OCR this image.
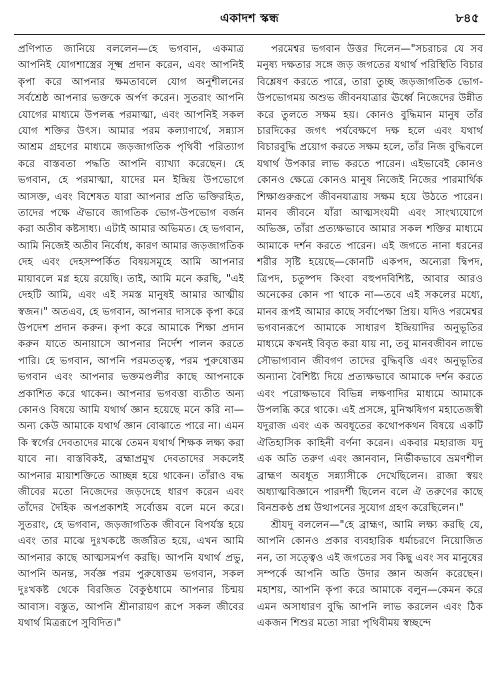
একাদশ স্কন্ধ	৮৪৫

প্রণিপাত জানিয়ে বললেন—হে ভগবান, একমাত্র আপনিই যোগশাস্ত্রের সূক্ষ্ম প্রদান করেন, এবং আপনিই কৃপা করে আপনার ক্ষমতাবলে যোগ অনুশীলনের সর্বশ্রেষ্ঠ আপনার ভক্তকে অর্পণ করেন। সুতরাং আপনি যোগের মাধ্যমে উপলব্ধ পরমাত্মা, এবং আপনিই সকল যোগ শক্তির উৎস। আমার পরম কল্যাণার্থে, সন্ন্যাস আশ্রম গ্রহণের মাধ্যমে জড়জাগতিক পৃথিবী পরিত্যাগ করে বাস্তবতা পদ্ধতি আপনি ব্যাখ্যা করেছেন। হে ভগবান, হে পরমাত্মা, যাদের মন ইন্দ্রিয় উপভোগে আসক্ত, এবং বিশেষত যারা আপনার প্রতি ভক্তিরহিত, তাদের পক্ষে ঐভাবে জাগতিক ভোগ-উপভোগ বর্জন করা অতীব কষ্টসাধ্য। এটাই আমার অভিমত। হে ভগবান, আমি নিজেই অতীব নির্বোধ, কারণ আমার জড়জাগতিক দেহ এবং দেহসম্পর্কিত বিষয়সমূহে আমি আপনার মায়াবলে মগ্ন হয়ে রয়েছি। তাই, আমি মনে করছি, "এই দেহটি আমি, এবং এই সমস্ত মানুষই আমার আত্মীয় স্বজন।" অতএব, হে ভগবান, আপনার দাসকে কৃপা করে উপদেশ প্রদান করুন। কৃপা করে আমাকে শিক্ষা প্রদান করুন যাতে অনায়াসে আপনার নির্দেশ পালন করতে পারি। হে ভগবান, আপনি পরমতত্ত্ব, পরম পুরুষোত্তম ভগবান এবং আপনার ভক্তমণ্ডলীর কাছে আপনাকে প্রকাশিত করে থাকেন। আপনার ভগবত্তা ব্যতীত অন্য কোনও বিষয়ে আমি যথার্থ জ্ঞান হয়েছে মনে করি না—অন্য কেউ আমাকে যথার্থ জ্ঞান বোঝাতে পারে না। এমন কি স্বর্গের দেবতাদের মাঝে তেমন যথার্থ শিক্ষক লক্ষ্য করা যাবে না। বাস্তবিকই, ব্রহ্মাপ্রমুখ দেবতাদের সকলেই আপনার মায়াশক্তিতে আচ্ছন্ন হয়ে থাকেন। তাঁরাও বদ্ধ জীবের মতো নিজেদের জড়দেহে ধারণ করেন এবং তাঁদের দৈহিক অপপ্রকাশই সর্বোত্তম বলে মনে করে। সুতরাং, হে ভগবান, জড়জাগতিক জীবনে বিপর্যস্ত হয়ে এবং তার মাঝে দুঃখকষ্টে জর্জরিত হয়ে, এখন আমি আপনার কাছে আত্মসমর্পণ করছি। আপনি যথার্থ প্রভু, আপনি অনন্ত, সর্বজ্ঞ পরম পুরুষোত্তম ভগবান, সকল দুঃখকষ্ট থেকে বিরজিত বৈকুণ্ঠধামে আপনার চিন্ময় আবাস। বস্তুত, আপনি শ্রীনারায়ণ রূপে সকল জীবের যথার্থ মিত্ররূপে সুবিদিত।"

পরমেশ্বর ভগবান উত্তর দিলেন—"সচরাচর যে সব মনুষ্য দক্ষতার সঙ্গে জড় জগতের যথার্থ পরিস্থিতি বিচার বিশ্লেষণ করতে পারে, তারা তুচ্ছ জড়জাগতিক ভোগ-উপভোগময় অশুভ জীবনযাত্রার ঊর্ধ্বে নিজেদের উন্নীত করে তুলতে সক্ষম হয়। কোনও বুদ্ধিমান মানুষ তাঁর চারদিকের জগৎ পর্যবেক্ষণে দক্ষ হলে এবং যথার্থ বিচারবুদ্ধি প্রয়োগ করতে সক্ষম হলে, তাঁর নিজ বুদ্ধিবলে যথার্থ উপকার লাভ করতে পারেন। এইভাবেই কোনও কোনও ক্ষেত্রে কোনও মানুষ নিজেই নিজের পারমার্থিক শিক্ষাগুরুরূপে জীবনযাত্রায় সক্ষম হয়ে উঠতে পারেন। মানব জীবনে যাঁরা আত্মসংযমী এবং সাংখ্যযোগে অভিজ্ঞ, তাঁরা প্রত্যক্ষভাবে আমার সকল শক্তির মাধ্যমে আমাকে দর্শন করতে পারেন। এই জগতে নানা ধরনের শরীর সৃষ্টি হয়েছে—কোনটি একপদ, অন্যেরা দ্বিপদ, ত্রিপদ, চতুষ্পদ কিংবা বহুপদবিশিষ্ট, আবার আরও অনেকের কোন পা থাকে না—তবে এই সকলের মধ্যে, মানব রূপই আমার কাছে সর্বাপেক্ষা প্রিয়। যদিও পরমেশ্বর ভগবানরূপে আমাকে সাধারণ ইন্দ্রিয়াদির অনুভূতির মাধ্যমে কখনই বিবৃত করা যায় না, তবু মানবজীবন লাভে সৌভাগ্যবান জীবগণ তাদের বুদ্ধিবৃত্তি এবং অনুভূতির অন্যান্য বৈশিষ্ট্য দিয়ে প্রত্যক্ষভাবে আমাকে দর্শন করতে এবং পরোক্ষভাবে বিভিন্ন লক্ষণাদির মাধ্যমে আমাকে উপলব্ধি করে থাকে। এই প্রসঙ্গে, মুনিঋষিগণ মহাতেজস্বী যদুরাজ এবং এক অবধূতের কথোপকথন বিষয়ে একটি ঐতিহাসিক কাহিনী বর্ণনা করেন। একবার মহারাজ যদু এক অতি তরুণ এবং জ্ঞানবান, নির্ভীকভাবে ভ্রমণশীল ব্রাহ্মণ অবধূত সন্ন্যাসীকে দেখেছিলেন। রাজা স্বয়ং অধ্যাত্মবিজ্ঞানে পারদর্শী ছিলেন বলে ঐ তরুণের কাছে বিনম্রকণ্ঠ প্রশ্ন উত্থাপনের সুযোগ গ্রহণ করেছিলেন।"

শ্রীযদু বললেন—"হে ব্রাহ্মণ, আমি লক্ষ্য করছি যে, আপনি কোনও প্রকার ব্যবহারিক ধর্মাচরণে নিয়োজিত নন, তা সত্ত্বেও এই জগতের সব কিছু এবং সব মানুষের সম্পর্কে আপনি অতি উদার জ্ঞান অর্জন করেছেন। মহাশয়, আপনি কৃপা করে আমাকে বলুন—কেমন করে এমন অসাধারণ বুদ্ধি আপনি লাভ করলেন এবং ঠিক একজন শিশুর মতো সারা পৃথিবীময় স্বচ্ছন্দে
